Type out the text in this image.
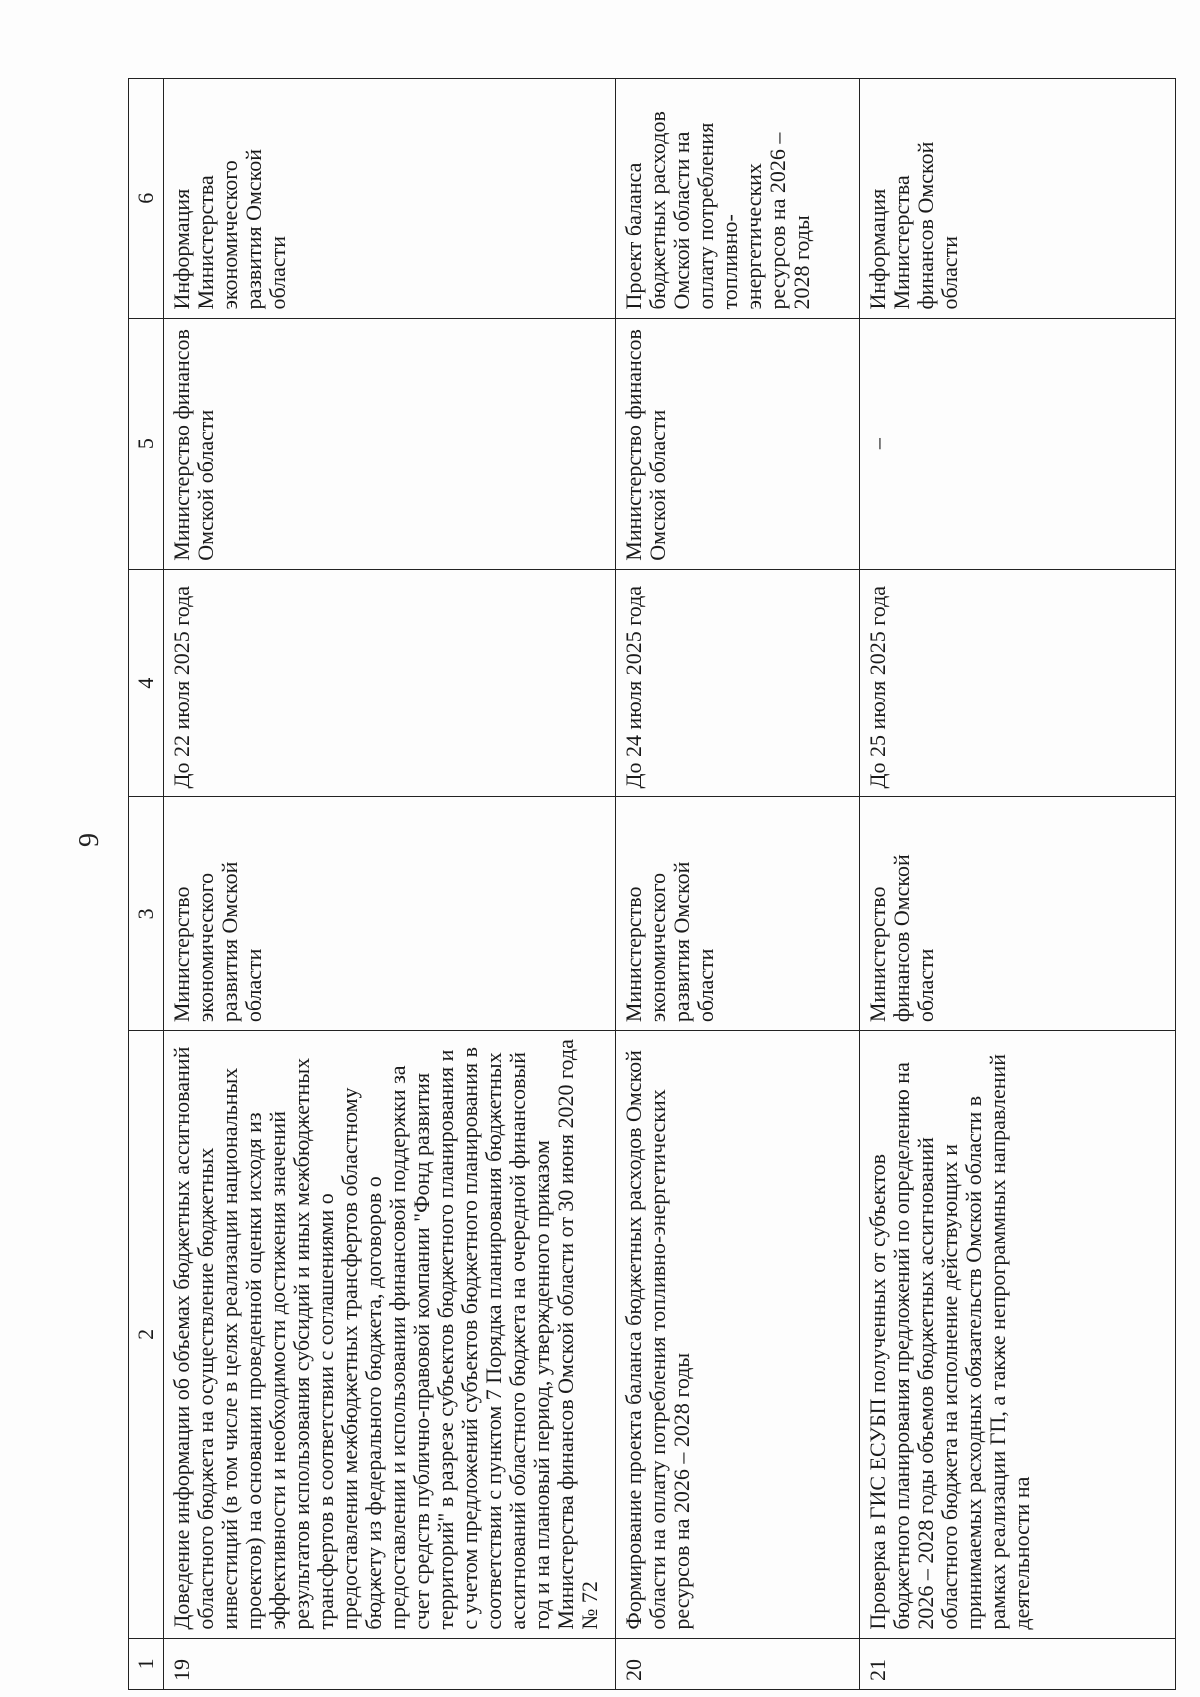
9
1	2	3	4	5	6
19	Доведение информации об объемах бюджетных ассигнований областного бюджета на осуществление бюджетных инвестиций (в том числе в целях реализации национальных проектов) на основании проведенной оценки исходя из эффективности и необходимости достижения значений результатов использования субсидий и иных межбюджетных трансфертов в соответствии с соглашениями о предоставлении межбюджетных трансфертов областному бюджету из федерального бюджета, договоров о предоставлении и использовании финансовой поддержки за счет средств публично-правовой компании "Фонд развития территорий" в разрезе субъектов бюджетного планирования и с учетом предложений субъектов бюджетного планирования в соответствии с пунктом 7 Порядка планирования бюджетных ассигнований областного бюджета на очередной финансовый год и на плановый период, утвержденного приказом Министерства финансов Омской области от 30 июня 2020 года № 72	Министерство экономического развития Омской области	До 22 июля 2025 года	Министерство финансов Омской области	Информация Министерства экономического развития Омской области
20	Формирование проекта баланса бюджетных расходов Омской области на оплату потребления топливно-энергетических ресурсов на 2026 – 2028 годы	Министерство экономического развития Омской области	До 24 июля 2025 года	Министерство финансов Омской области	Проект баланса бюджетных расходов Омской области на оплату потребления топливно-энергетических ресурсов на 2026 – 2028 годы
21	Проверка в ГИС ЕСУБП полученных от субъектов бюджетного планирования предложений по определению на 2026 – 2028 годы объемов бюджетных ассигнований областного бюджета на исполнение действующих и принимаемых расходных обязательств Омской области в рамках реализации ГП, а также непрограммных направлений деятельности на	Министерство финансов Омской области	До 25 июля 2025 года	–	Информация Министерства финансов Омской области
